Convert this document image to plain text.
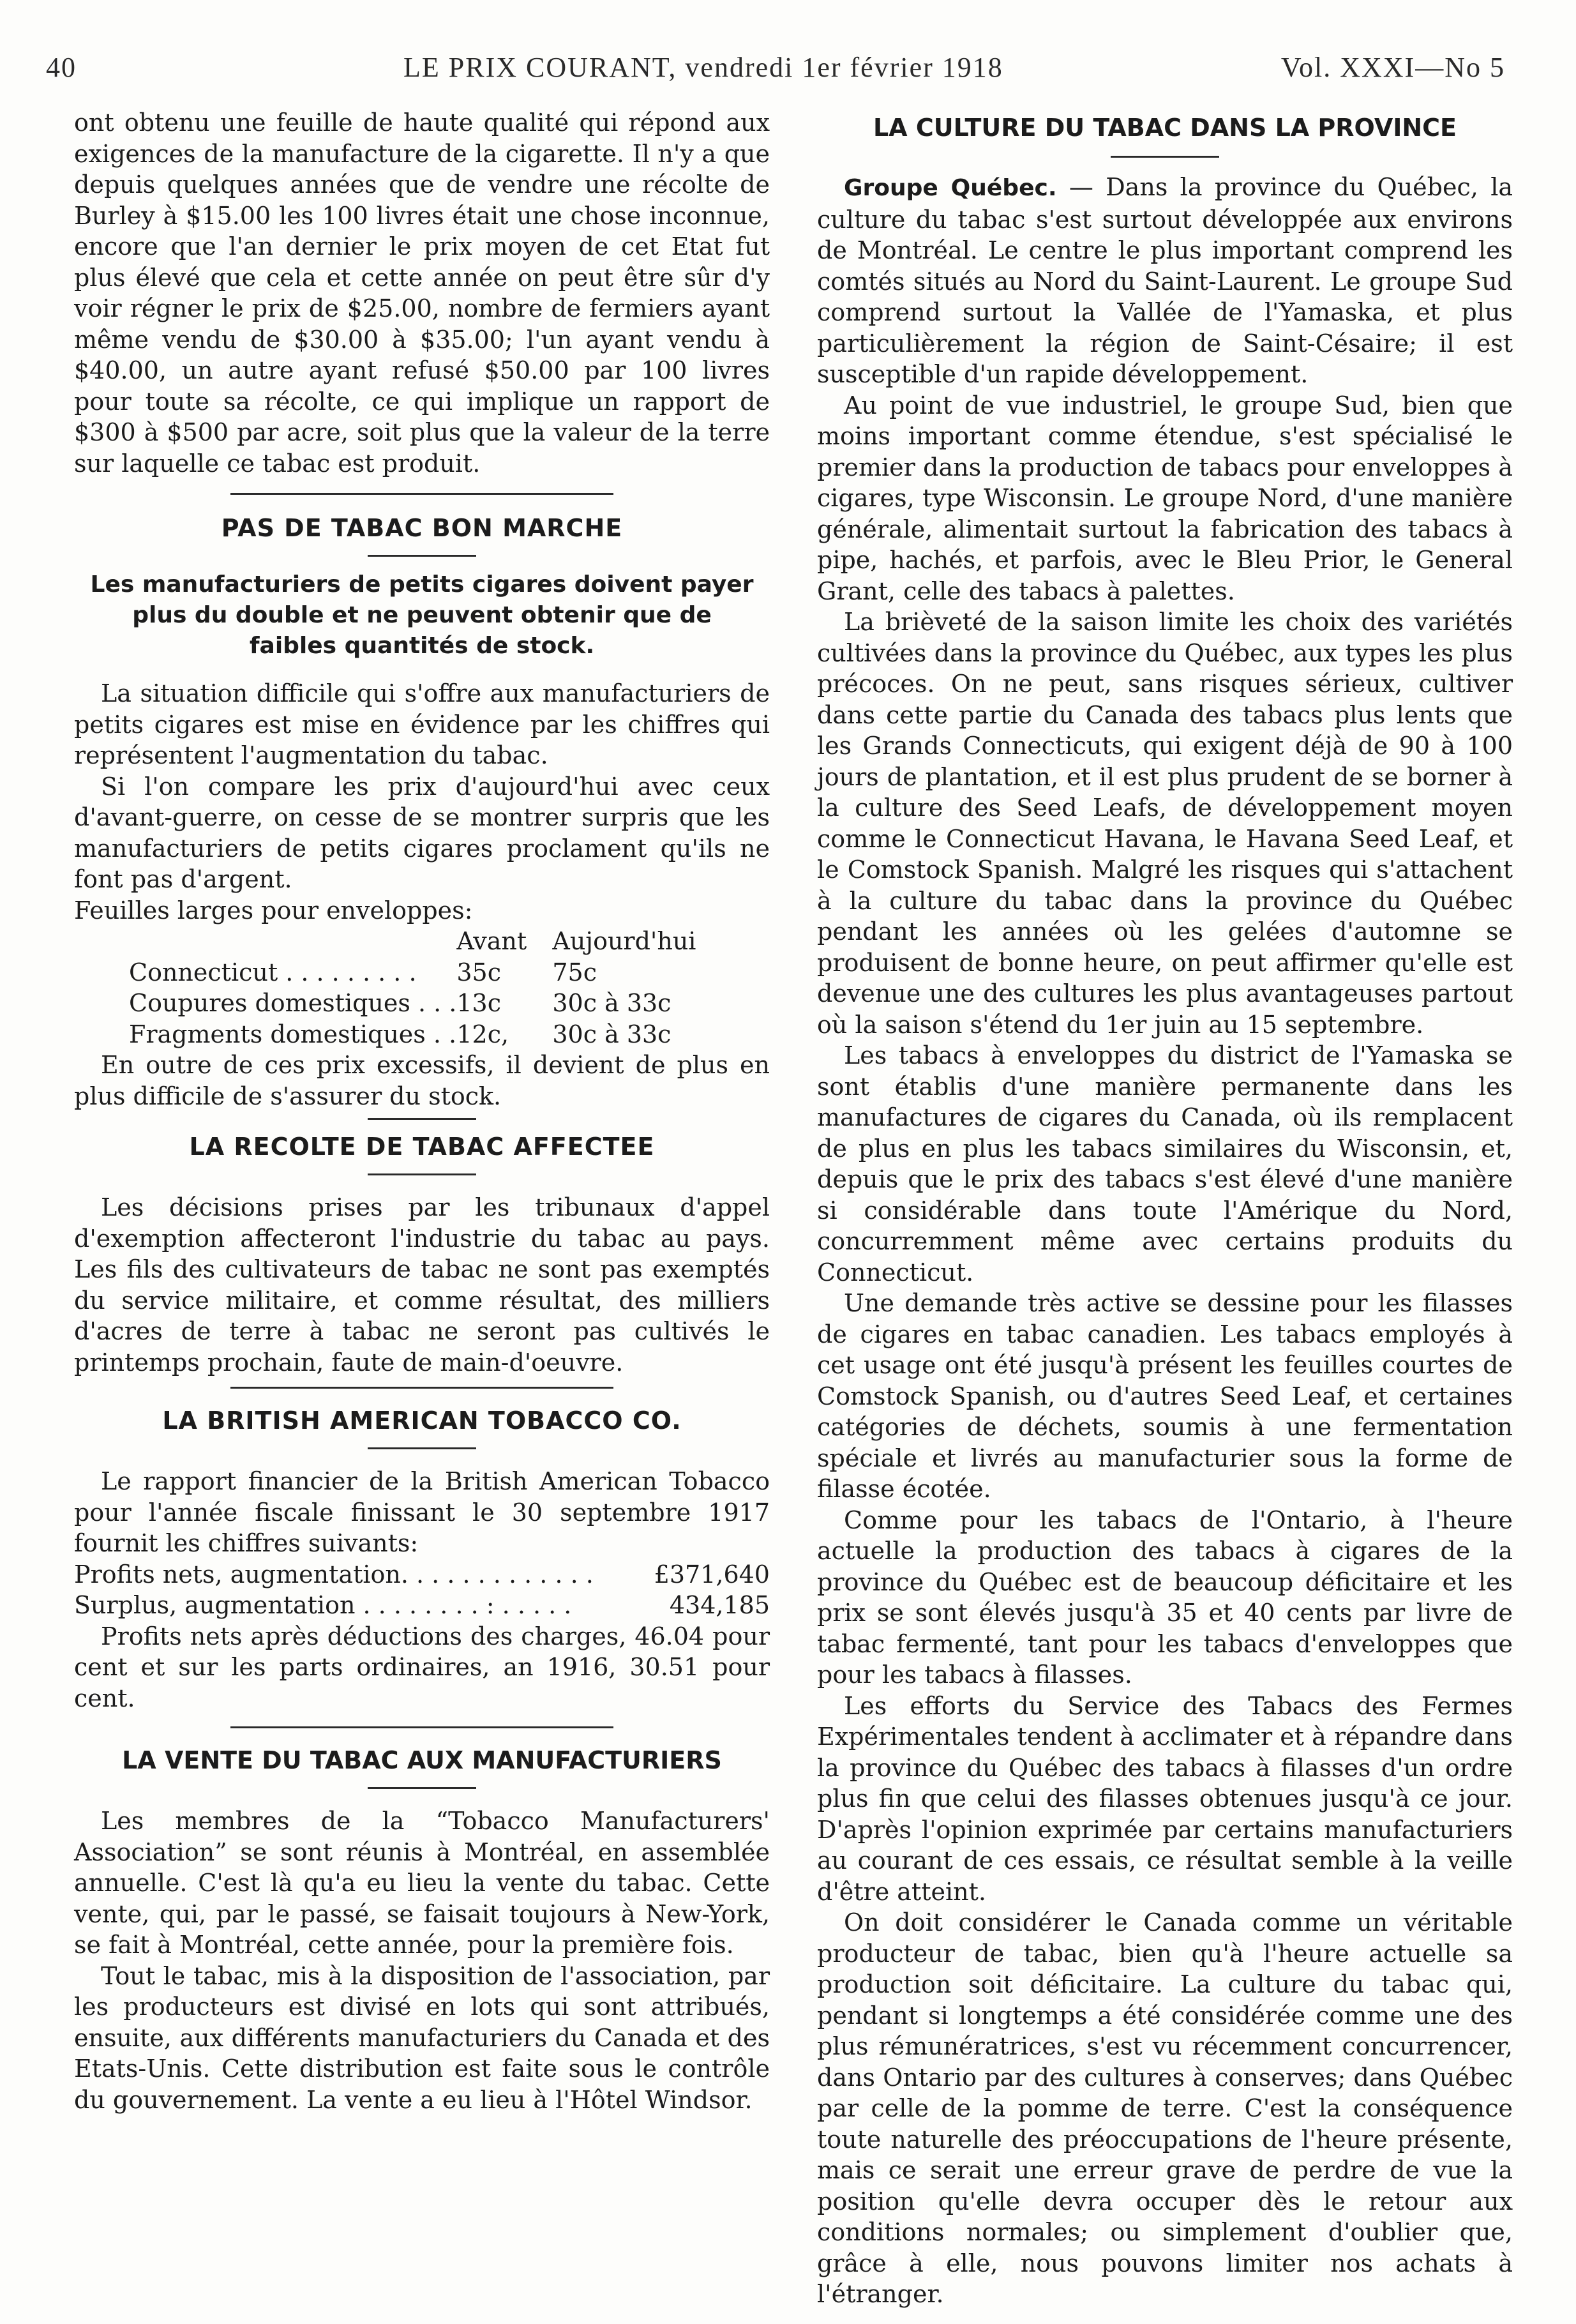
40	LE PRIX COURANT, vendredi 1er février 1918	Vol. XXXI—No 5

ont obtenu une feuille de haute qualité qui répond aux exigences de la manufacture de la cigarette. Il n'y a que depuis quelques années que de vendre une récolte de Burley à $15.00 les 100 livres était une chose inconnue, encore que l'an dernier le prix moyen de cet Etat fut plus élevé que cela et cette année on peut être sûr d'y voir régner le prix de $25.00, nombre de fermiers ayant même vendu de $30.00 à $35.00; l'un ayant vendu à $40.00, un autre ayant refusé $50.00 par 100 livres pour toute sa récolte, ce qui implique un rapport de $300 à $500 par acre, soit plus que la valeur de la terre sur laquelle ce tabac est produit.

PAS DE TABAC BON MARCHE

Les manufacturiers de petits cigares doivent payer plus du double et ne peuvent obtenir que de faibles quantités de stock.

La situation difficile qui s'offre aux manufacturiers de petits cigares est mise en évidence par les chiffres qui représentent l'augmentation du tabac.

Si l'on compare les prix d'aujourd'hui avec ceux d'avant-guerre, on cesse de se montrer surpris que les manufacturiers de petits cigares proclament qu'ils ne font pas d'argent.

Feuilles larges pour enveloppes:

	Avant	Aujourd'hui
Connecticut . . . . . . . . .	35c	75c
Coupures domestiques . . .	13c	30c à 33c
Fragments domestiques . .	12c,	30c à 33c

En outre de ces prix excessifs, il devient de plus en plus difficile de s'assurer du stock.

LA RECOLTE DE TABAC AFFECTEE

Les décisions prises par les tribunaux d'appel d'exemption affecteront l'industrie du tabac au pays. Les fils des cultivateurs de tabac ne sont pas exemptés du service militaire, et comme résultat, des milliers d'acres de terre à tabac ne seront pas cultivés le printemps prochain, faute de main-d'oeuvre.

LA BRITISH AMERICAN TOBACCO CO.

Le rapport financier de la British American Tobacco pour l'année fiscale finissant le 30 septembre 1917 fournit les chiffres suivants:

Profits nets, augmentation. . . . . . . . . . . . . £371,640
Surplus, augmentation . . . . . . . . : . . . . .	434,185

Profits nets après déductions des charges, 46.04 pour cent et sur les parts ordinaires, an 1916, 30.51 pour cent.

LA VENTE DU TABAC AUX MANUFACTURIERS

Les membres de la “Tobacco Manufacturers' Association” se sont réunis à Montréal, en assemblée annuelle. C'est là qu'a eu lieu la vente du tabac. Cette vente, qui, par le passé, se faisait toujours à New-York, se fait à Montréal, cette année, pour la première fois.

Tout le tabac, mis à la disposition de l'association, par les producteurs est divisé en lots qui sont attribués, ensuite, aux différents manufacturiers du Canada et des Etats-Unis. Cette distribution est faite sous le contrôle du gouvernement. La vente a eu lieu à l'Hôtel Windsor.

LA CULTURE DU TABAC DANS LA PROVINCE

Groupe Québec. — Dans la province du Québec, la culture du tabac s'est surtout développée aux environs de Montréal. Le centre le plus important comprend les comtés situés au Nord du Saint-Laurent. Le groupe Sud comprend surtout la Vallée de l'Yamaska, et plus particulièrement la région de Saint-Césaire; il est susceptible d'un rapide développement.

Au point de vue industriel, le groupe Sud, bien que moins important comme étendue, s'est spécialisé le premier dans la production de tabacs pour enveloppes à cigares, type Wisconsin. Le groupe Nord, d'une manière générale, alimentait surtout la fabrication des tabacs à pipe, hachés, et parfois, avec le Bleu Prior, le General Grant, celle des tabacs à palettes.

La brièveté de la saison limite les choix des variétés cultivées dans la province du Québec, aux types les plus précoces. On ne peut, sans risques sérieux, cultiver dans cette partie du Canada des tabacs plus lents que les Grands Connecticuts, qui exigent déjà de 90 à 100 jours de plantation, et il est plus prudent de se borner à la culture des Seed Leafs, de développement moyen comme le Connecticut Havana, le Havana Seed Leaf, et le Comstock Spanish. Malgré les risques qui s'attachent à la culture du tabac dans la province du Québec pendant les années où les gelées d'automne se produisent de bonne heure, on peut affirmer qu'elle est devenue une des cultures les plus avantageuses partout où la saison s'étend du 1er juin au 15 septembre.

Les tabacs à enveloppes du district de l'Yamaska se sont établis d'une manière permanente dans les manufactures de cigares du Canada, où ils remplacent de plus en plus les tabacs similaires du Wisconsin, et, depuis que le prix des tabacs s'est élevé d'une manière si considérable dans toute l'Amérique du Nord, concurremment même avec certains produits du Connecticut.

Une demande très active se dessine pour les filasses de cigares en tabac canadien. Les tabacs employés à cet usage ont été jusqu'à présent les feuilles courtes de Comstock Spanish, ou d'autres Seed Leaf, et certaines catégories de déchets, soumis à une fermentation spéciale et livrés au manufacturier sous la forme de filasse écotée.

Comme pour les tabacs de l'Ontario, à l'heure actuelle la production des tabacs à cigares de la province du Québec est de beaucoup déficitaire et les prix se sont élevés jusqu'à 35 et 40 cents par livre de tabac fermenté, tant pour les tabacs d'enveloppes que pour les tabacs à filasses.

Les efforts du Service des Tabacs des Fermes Expérimentales tendent à acclimater et à répandre dans la province du Québec des tabacs à filasses d'un ordre plus fin que celui des filasses obtenues jusqu'à ce jour. D'après l'opinion exprimée par certains manufacturiers au courant de ces essais, ce résultat semble à la veille d'être atteint.

On doit considérer le Canada comme un véritable producteur de tabac, bien qu'à l'heure actuelle sa production soit déficitaire. La culture du tabac qui, pendant si longtemps a été considérée comme une des plus rémunératrices, s'est vu récemment concurrencer, dans Ontario par des cultures à conserves; dans Québec par celle de la pomme de terre. C'est la conséquence toute naturelle des préoccupations de l'heure présente, mais ce serait une erreur grave de perdre de vue la position qu'elle devra occuper dès le retour aux conditions normales; ou simplement d'oublier que, grâce à elle, nous pouvons limiter nos achats à l'étranger.
